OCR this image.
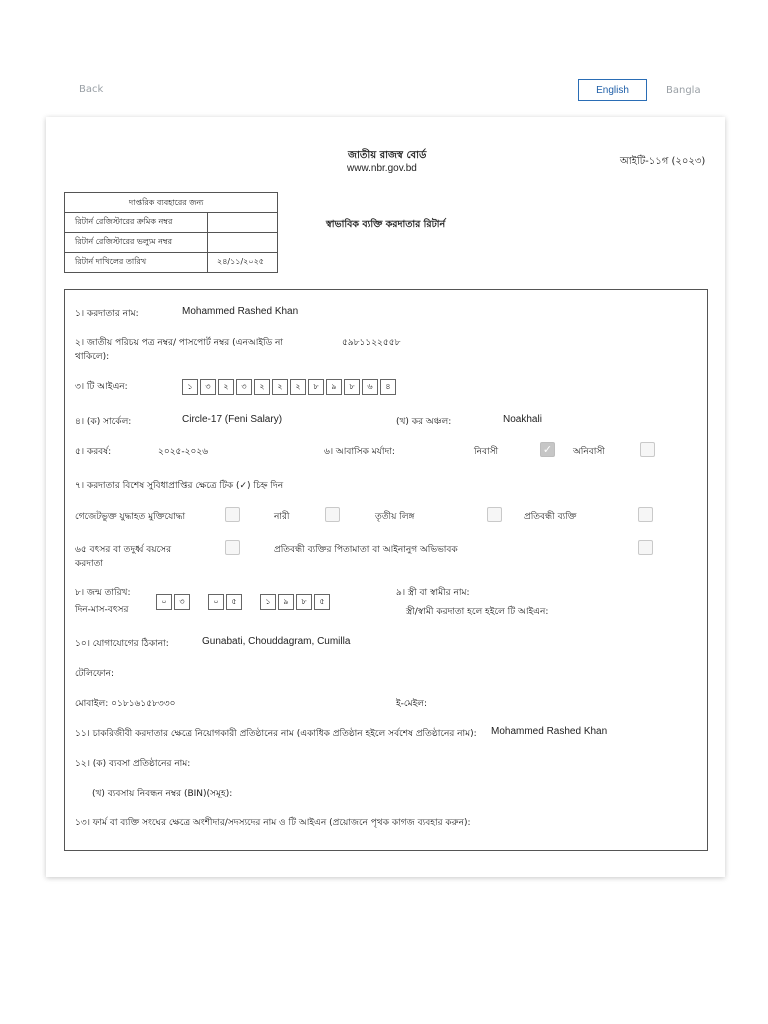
Back	English	Bangla
জাতীয় রাজস্ব বোর্ড
www.nbr.gov.bd
আইটি-১১গ (২০২৩)
স্বাভাবিক ব্যক্তি করদাতার রিটার্ন
দাপ্তরিক ব্যবহারের জন্য
রিটার্ন রেজিস্টারের ক্রমিক নম্বর
রিটার্ন রেজিস্টারের ভল্যুম নম্বর
রিটার্ন দাখিলের তারিখ	২৪/১১/২০২৫
১। করদাতার নাম:	Mohammed Rashed Khan
২। জাতীয় পরিচয় পত্র নম্বর/ পাসপোর্ট নম্বর (এনআইডি না
থাকিলে):
৫৯৮১১২২৫৫৮
৩। টি আইএন:	১	৩	২	৩	২	২	২	৮	৯	৮	৬	৪
৪। (ক) সার্কেল:	Circle-17 (Feni Salary)	(খ) কর অঞ্চল:	Noakhali
৫। করবর্ষ:	২০২৫-২০২৬	৬। আবাসিক মর্যাদা:	নিবাসী	✓ অনিবাসী
৭। করদাতার বিশেষ সুবিধাপ্রাপ্তির ক্ষেত্রে টিক (✓) চিহ্ন দিন
গেজেটভুক্ত যুদ্ধাহত মুক্তিযোদ্ধা	নারী	তৃতীয় লিঙ্গ	প্রতিবন্ধী ব্যক্তি
৬৫ বৎসর বা তদুর্ধ্ব বয়সের
করদাতা
প্রতিবন্ধী ব্যক্তির পিতামাতা বা আইনানুগ অভিভাবক
৮। জন্ম তারিখ:
দিন-মাস-বৎসর
০	৩	০	৫	১	৯	৮	৫
৯। স্ত্রী বা স্বামীর নাম:
স্ত্রী/স্বামী করদাতা হলে হইলে টি আইএন:
১০। যোগাযোগের ঠিকানা:	Gunabati, Chouddagram, Cumilla
টেলিফোন:
মোবাইল: ০১৮১৬১৫৮৩৩০	ই-মেইল:
১১। চাকরিজীবী করদাতার ক্ষেত্রে নিয়োগকারী প্রতিষ্ঠানের নাম (একাধিক প্রতিষ্ঠান হইলে সর্বশেষ প্রতিষ্ঠানের নাম): Mohammed Rashed Khan
১২। (ক) ব্যবসা প্রতিষ্ঠানের নাম:
(খ) ব্যবসায় নিবন্ধন নম্বর (BIN)(সমূহ):
১৩। ফার্ম বা ব্যক্তি সংঘের ক্ষেত্রে অংশীদার/সদস্যদের নাম ও টি আইএন (প্রয়োজনে পৃথক কাগজ ব্যবহার করুন):
